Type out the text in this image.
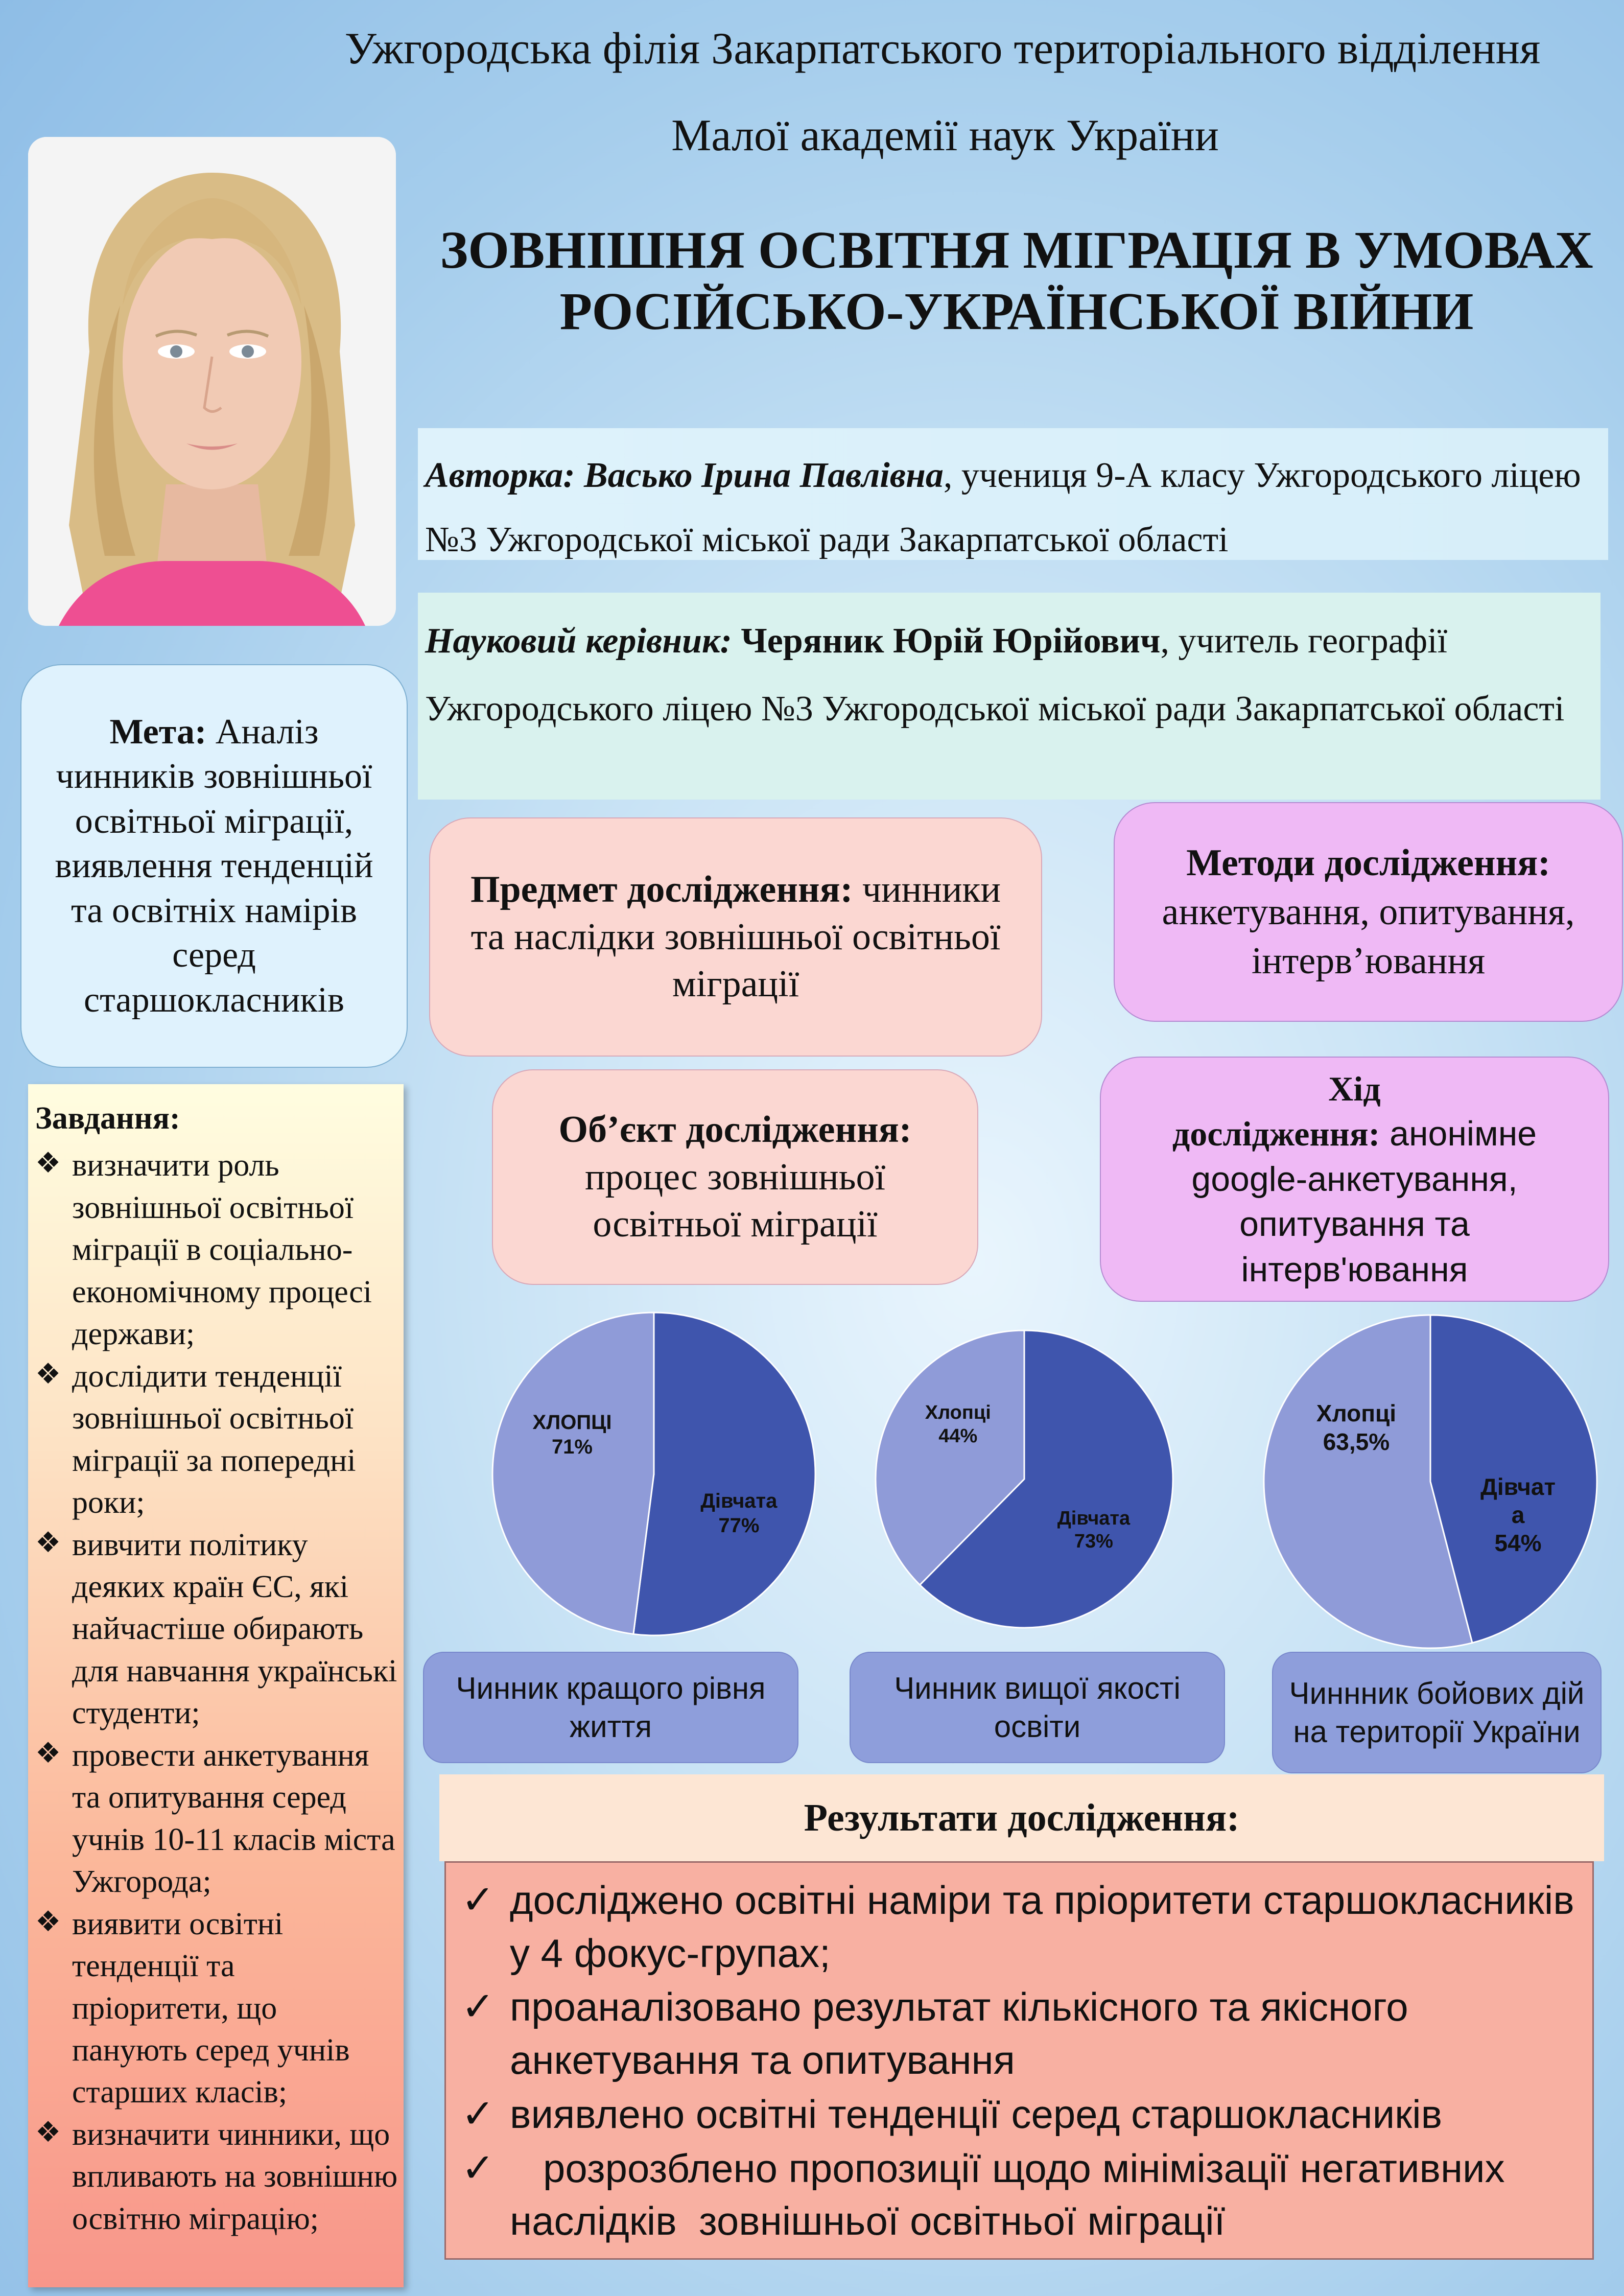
Ужгородська філія Закарпатського територіального відділення
Малої академії наук України
ЗОВНІШНЯ ОСВІТНЯ МІГРАЦІЯ В УМОВАХ РОСІЙСЬКО-УКРАЇНСЬКОЇ ВІЙНИ
Авторка: Васько Ірина Павлівна, учениця 9-А класу Ужгородського ліцею №3 Ужгородської міської ради Закарпатської області
Науковий керівник: Черяник Юрій Юрійович, учитель географії Ужгородського ліцею №3 Ужгородської міської ради Закарпатської області
Мета: Аналіз чинників зовнішньої освітньої міграції, виявлення тенденцій та освітніх намірів серед старшокласників
Предмет дослідження: чинники та наслідки зовнішньої освітньої міграції
Методи дослідження:
анкетування, опитування, інтерв’ювання
Об’єкт дослідження:
процес зовнішньої освітньої міграції
Хід
дослідження: анонімне
google-анкетування,
опитування та
інтерв'ювання
Завдання:
❖ визначити роль зовнішньої освітньої міграції в соціально-економічному процесі держави;
❖ дослідити тенденції зовнішньої освітньої міграції за попередні роки;
❖ вивчити політику деяких країн ЄС, які найчастіше обирають для навчання українські студенти;
❖ провести анкетування та опитування серед учнів 10-11 класів міста Ужгорода;
❖ виявити освітні тенденції та пріоритети, що панують серед учнів старших класів;
❖ визначити чинники, що впливають на зовнішню освітню міграцію;
ХЛОПЦІ
71%
Дівчата
77%
Хлопці
44%
Дівчата
73%
Хлопці
63,5%
Дівчат
а
54%
Чинник кращого рівня життя
Чинник вищої якості освіти
Чиннник бойових дій на території України
Результати дослідження:
✓ досліджено освітні наміри та пріоритети старшокласників у 4 фокус-групах;
✓ проаналізовано результат кількісного та якісного анкетування та опитування
✓ виявлено освітні тенденції серед старшокласників
✓ розрозблено пропозиції щодо мінімізації негативних наслідків  зовнішньої освітньої міграції
